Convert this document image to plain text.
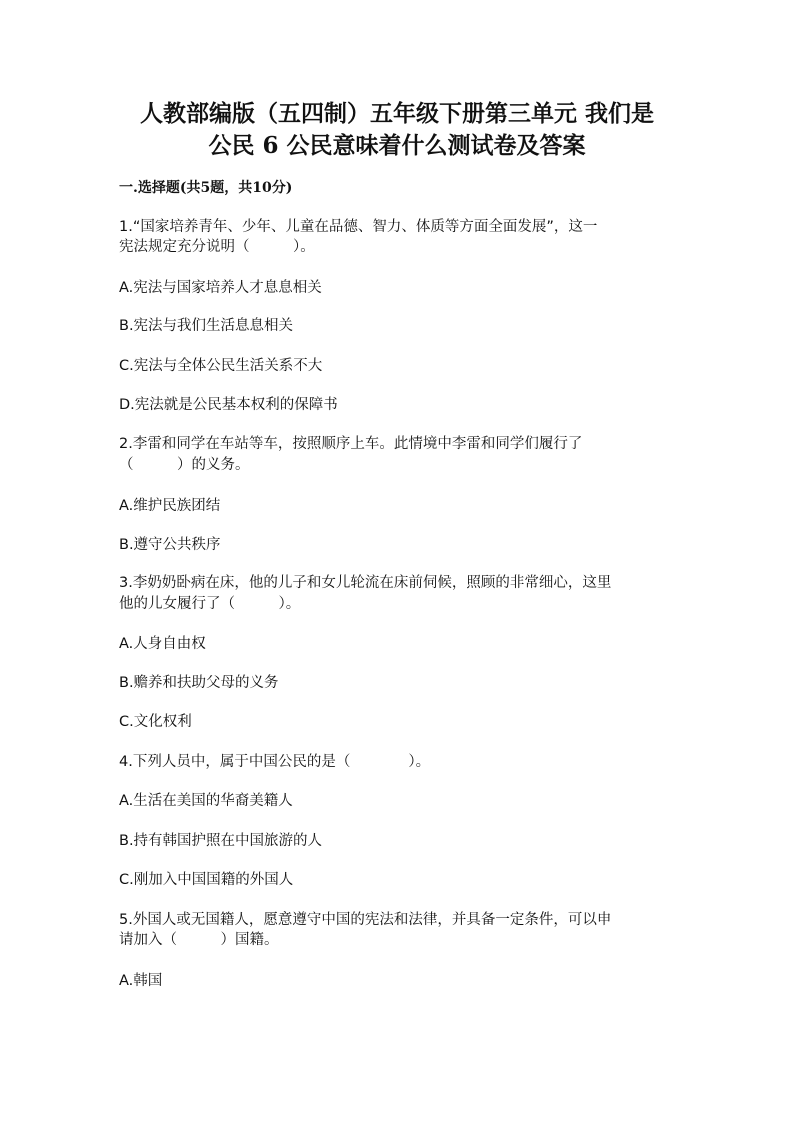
人教部编版（五四制）五年级下册第三单元 我们是
公民 6 公民意味着什么测试卷及答案
一.选择题(共5题，共10分)
1.“国家培养青年、少年、儿童在品德、智力、体质等方面全面发展”，这一
宪法规定充分说明（　　　）。
A.宪法与国家培养人才息息相关
B.宪法与我们生活息息相关
C.宪法与全体公民生活关系不大
D.宪法就是公民基本权利的保障书
2.李雷和同学在车站等车，按照顺序上车。此情境中李雷和同学们履行了
（　　　）的义务。
A.维护民族团结
B.遵守公共秩序
3.李奶奶卧病在床，他的儿子和女儿轮流在床前伺候，照顾的非常细心，这里
他的儿女履行了（　　　）。
A.人身自由权
B.赡养和扶助父母的义务
C.文化权利
4.下列人员中，属于中国公民的是（　　　　）。
A.生活在美国的华裔美籍人
B.持有韩国护照在中国旅游的人
C.刚加入中国国籍的外国人
5.外国人或无国籍人，愿意遵守中国的宪法和法律，并具备一定条件，可以申
请加入（　　　）国籍。
A.韩国
